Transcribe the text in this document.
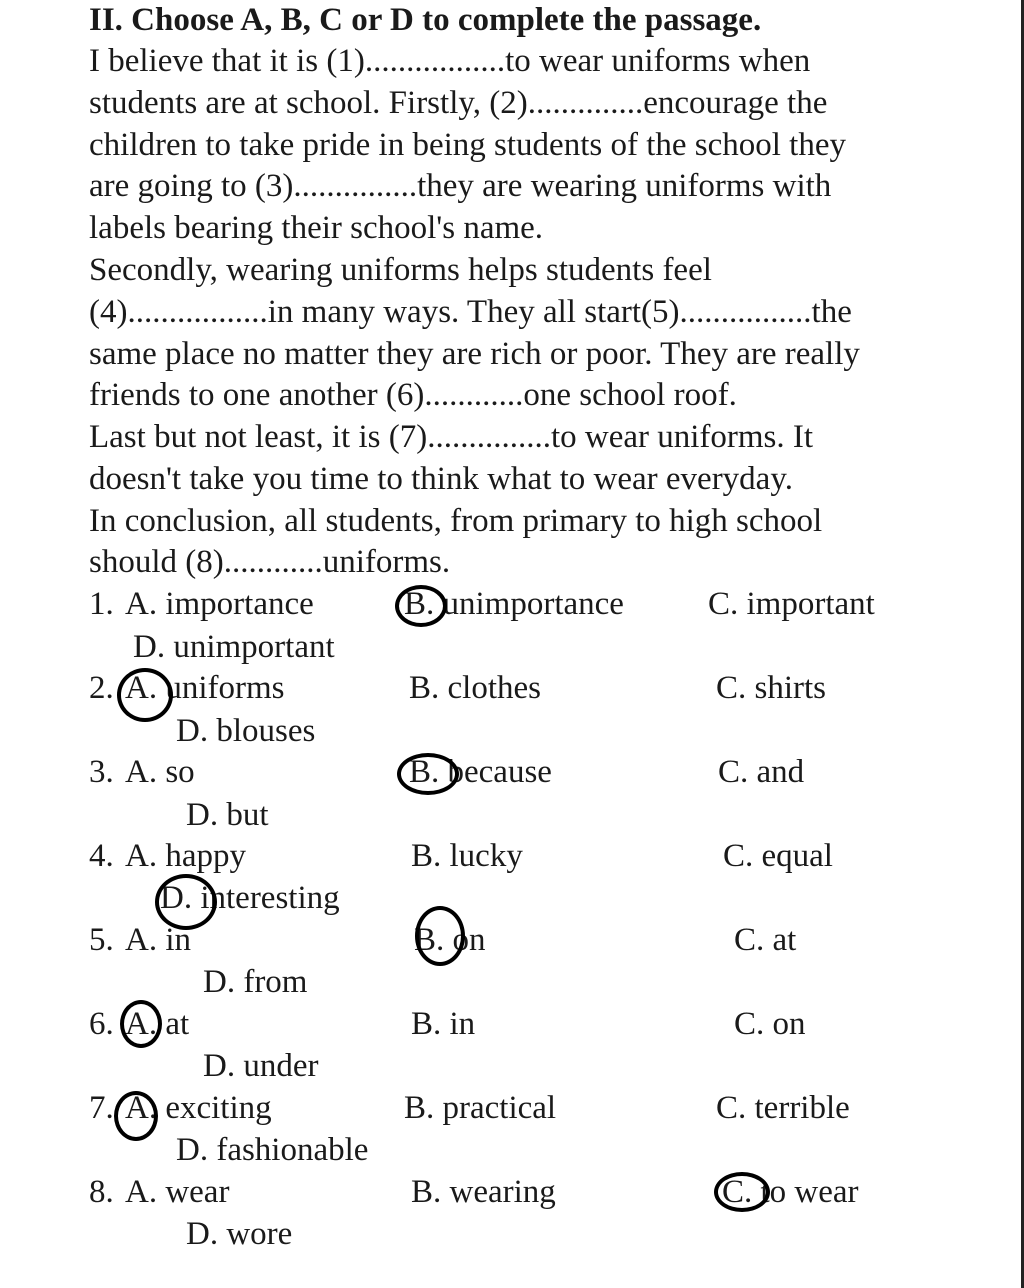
II. Choose A, B, C or D to complete the passage.
I believe that it is (1).................to wear uniforms when
students are at school. Firstly, (2)..............encourage the
children to take pride in being students of the school they
are going to (3)...............they are wearing uniforms with
labels bearing their school's name.
Secondly, wearing uniforms helps students feel
(4).................in many ways. They all start(5)................the
same place no matter they are rich or poor. They are really
friends to one another (6)............one school roof.
Last but not least, it is (7)...............to wear uniforms. It
doesn't take you time to think what to wear everyday.
In conclusion, all students, from primary to high school
should (8)............uniforms.
1. A. importance	B. unimportance	C. important
D. unimportant
2. A. uniforms	B. clothes	C. shirts
D. blouses
3. A. so	B. because	C. and
D. but
4. A. happy	B. lucky	C. equal
D. interesting
5. A. in	B. on	C. at
D. from
6. A. at	B. in	C. on
D. under
7. A. exciting	B. practical	C. terrible
D. fashionable
8. A. wear	B. wearing	C. to wear
D. wore
